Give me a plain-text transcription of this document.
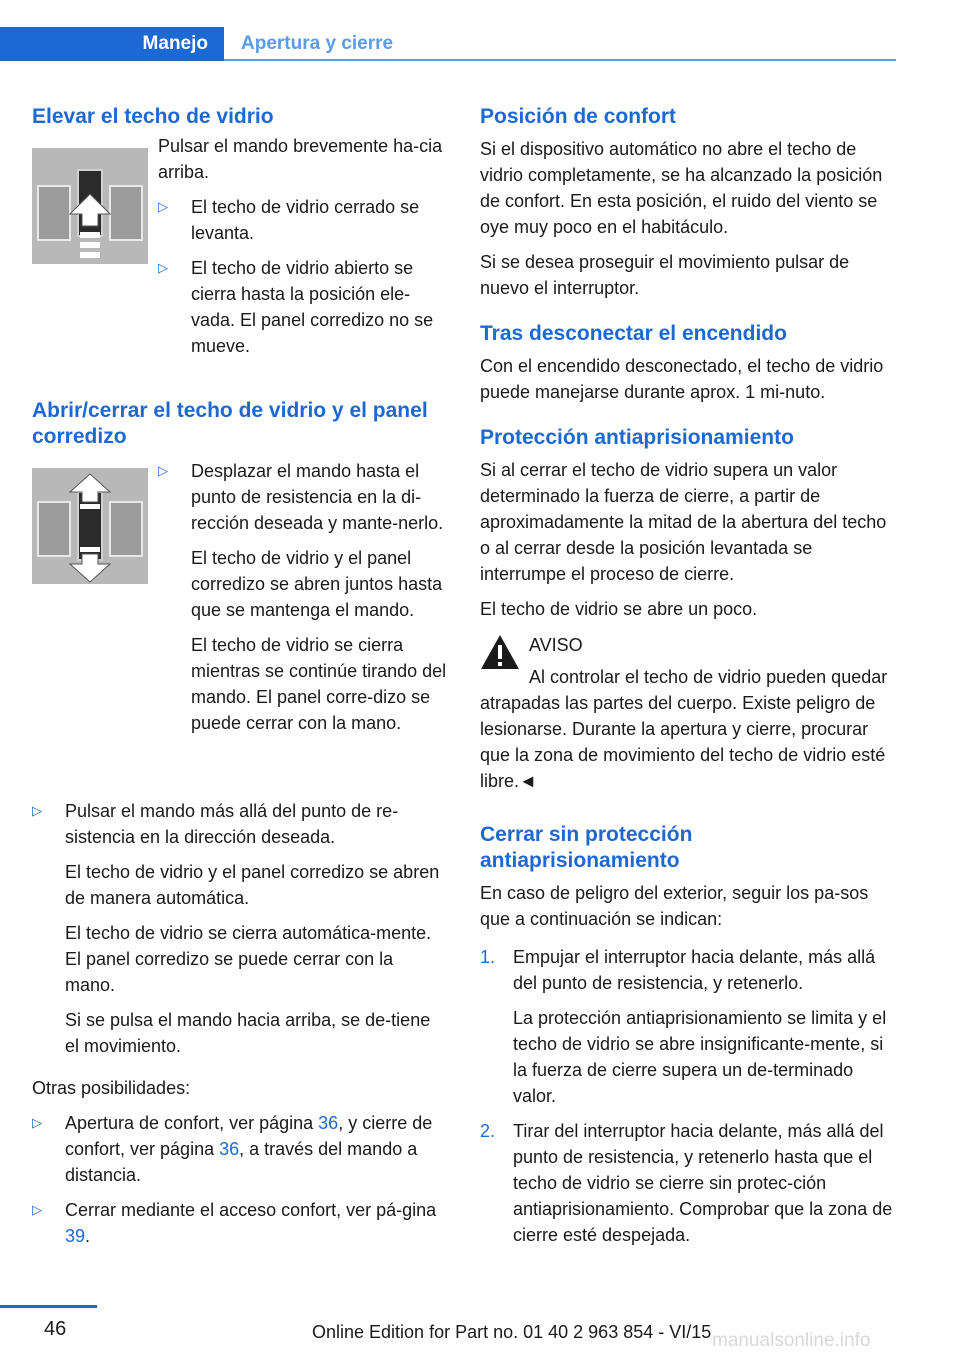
Manejo	Apertura y cierre
Elevar el techo de vidrio

Pulsar el mando brevemente ha-cia arriba.

▷	El techo de vidrio cerrado se levanta.
▷	El techo de vidrio abierto se cierra hasta la posición ele-vada. El panel corredizo no se mueve.
Abrir/cerrar el techo de vidrio y el panel corredizo
▷	Desplazar el mando hasta el punto de resistencia en la di-rección deseada y mante-nerlo.
El techo de vidrio y el panel corredizo se abren juntos hasta que se mantenga el mando.
El techo de vidrio se cierra mientras se continúe tirando del mando. El panel corre-dizo se puede cerrar con la mano.
▷	Pulsar el mando más allá del punto de re-sistencia en la dirección deseada.
El techo de vidrio y el panel corredizo se abren de manera automática.
El techo de vidrio se cierra automática-mente. El panel corredizo se puede cerrar con la mano.
Si se pulsa el mando hacia arriba, se de-tiene el movimiento.

Otras posibilidades:

▷	Apertura de confort, ver página 36, y cierre de confort, ver página 36, a través del mando a distancia.
▷	Cerrar mediante el acceso confort, ver pá-gina 39.
Posición de confort

Si el dispositivo automático no abre el techo de vidrio completamente, se ha alcanzado la posición de confort. En esta posición, el ruido del viento se oye muy poco en el habitáculo.

Si se desea proseguir el movimiento pulsar de nuevo el interruptor.

Tras desconectar el encendido

Con el encendido desconectado, el techo de vidrio puede manejarse durante aprox. 1 mi-nuto.

Protección antiaprisionamiento

Si al cerrar el techo de vidrio supera un valor determinado la fuerza de cierre, a partir de aproximadamente la mitad de la abertura del techo o al cerrar desde la posición levantada se interrumpe el proceso de cierre.

El techo de vidrio se abre un poco.

AVISO
Al controlar el techo de vidrio pueden quedar atrapadas las partes del cuerpo. Existe peligro de lesionarse. Durante la apertura y cierre, procurar que la zona de movimiento del techo de vidrio esté libre.◄
Cerrar sin protección antiaprisionamiento

En caso de peligro del exterior, seguir los pa-sos que a continuación se indican:

1. Empujar el interruptor hacia delante, más allá del punto de resistencia, y retenerlo.
La protección antiaprisionamiento se limita y el techo de vidrio se abre insignificante-mente, si la fuerza de cierre supera un de-terminado valor.
2. Tirar del interruptor hacia delante, más allá del punto de resistencia, y retenerlo hasta que el techo de vidrio se cierre sin protec-ción antiaprisionamiento. Comprobar que la zona de cierre esté despejada.
46	Online Edition for Part no. 01 40 2 963 854 - VI/15 manualsonline.info
